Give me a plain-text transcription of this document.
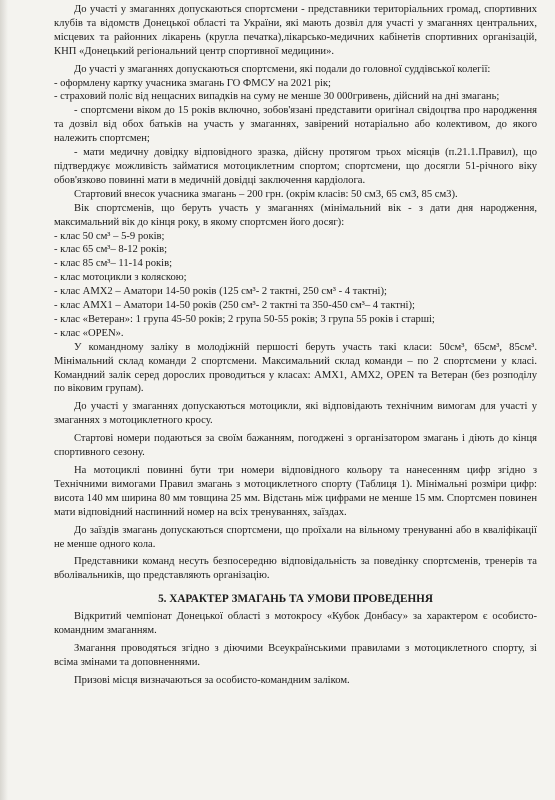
До участі у змаганнях допускаються спортсмени - представники територіальних громад, спортивних клубів та відомств Донецької області та України, які мають дозвіл для участі у змаганнях центральних, місцевих та районних лікарень (кругла печатка),лікарсько-медичних кабінетів спортивних організацій, КНП «Донецький регіональний центр спортивної медицини».

До участі у змаганнях допускаються спортсмени, які подали до головної суддівської колегії:

- оформлену картку учасника змагань ГО ФМСУ на 2021 рік;

- страховий поліс від нещасних випадків на суму не менше 30 000гривень, дійсний на дні змагань;

- спортсмени віком до 15 років включно, зобов'язані представити оригінал свідоцтва про народження та дозвіл від обох батьків на участь у змаганнях, завірений нотаріально або колективом, до якого належить спортсмен;

- мати медичну довідку відповідного зразка, дійсну протягом трьох місяців (п.21.1.Правил), що підтверджує можливість займатися мотоциклетним спортом; спортсмени, що досягли 51-річного віку обов'язково повинні мати в медичній довідці заключення кардіолога.

Стартовий внесок учасника змагань – 200 грн. (окрім класів: 50 см3, 65 см3, 85 см3).

Вік спортсменів, що беруть участь у змаганнях (мінімальний вік - з дати дня народження, максимальний вік до кінця року, в якому спортсмен його досяг):

- клас 50 см³ – 5-9 років;

- клас 65 см³– 8-12 років;

- клас 85 см³– 11-14 років;

- клас мотоцикли з коляскою;

- клас АМХ2 – Аматори 14-50 років (125 см³- 2 тактні, 250 см³ - 4 тактні);

- клас АМХ1 – Аматори 14-50 років (250 см³- 2 тактні та 350-450 см³– 4 тактні);

- клас «Ветеран»: 1 група 45-50 років; 2 група 50-55 років; 3 група 55 років і старші;

- клас «OPEN».

У командному заліку в молодіжній першості беруть участь такі класи: 50см³, 65см³, 85см³. Мінімальний склад команди 2 спортсмени. Максимальний склад команди – по 2 спортсмени у класі. Командний залік серед дорослих проводиться у класах: АМХ1, АМХ2, OPEN та Ветеран (без розподілу по віковим групам).

До участі у змаганнях допускаються мотоцикли, які відповідають технічним вимогам для участі у змаганнях з мотоциклетного кросу.

Стартові номери подаються за своїм бажанням, погоджені з організатором змагань і діють до кінця спортивного сезону.

На мотоциклі повинні бути три номери відповідного кольору та нанесенням цифр згідно з Технічними вимогами Правил змагань з мотоциклетного спорту (Таблиця 1). Мінімальні розміри цифр: висота 140 мм ширина 80 мм товщина 25 мм. Відстань між цифрами не менше 15 мм. Спортсмен повинен мати відповідний наспинний номер на всіх тренуваннях, заїздах.

До заїздів змагань допускаються спортсмени, що проїхали на вільному тренуванні або в кваліфікації не менше одного кола.

Представники команд несуть безпосередню відповідальність за поведінку спортсменів, тренерів та вболівальників, що представляють організацію.

5. ХАРАКТЕР ЗМАГАНЬ ТА УМОВИ ПРОВЕДЕННЯ

Відкритий чемпіонат Донецької області з мотокросу «Кубок Донбасу» за характером є особисто-командним змаганням.

Змагання проводяться згідно з діючими Всеукраїнськими правилами з мотоциклетного спорту, зі всіма змінами та доповненнями.

Призові місця визначаються за особисто-командним заліком.
